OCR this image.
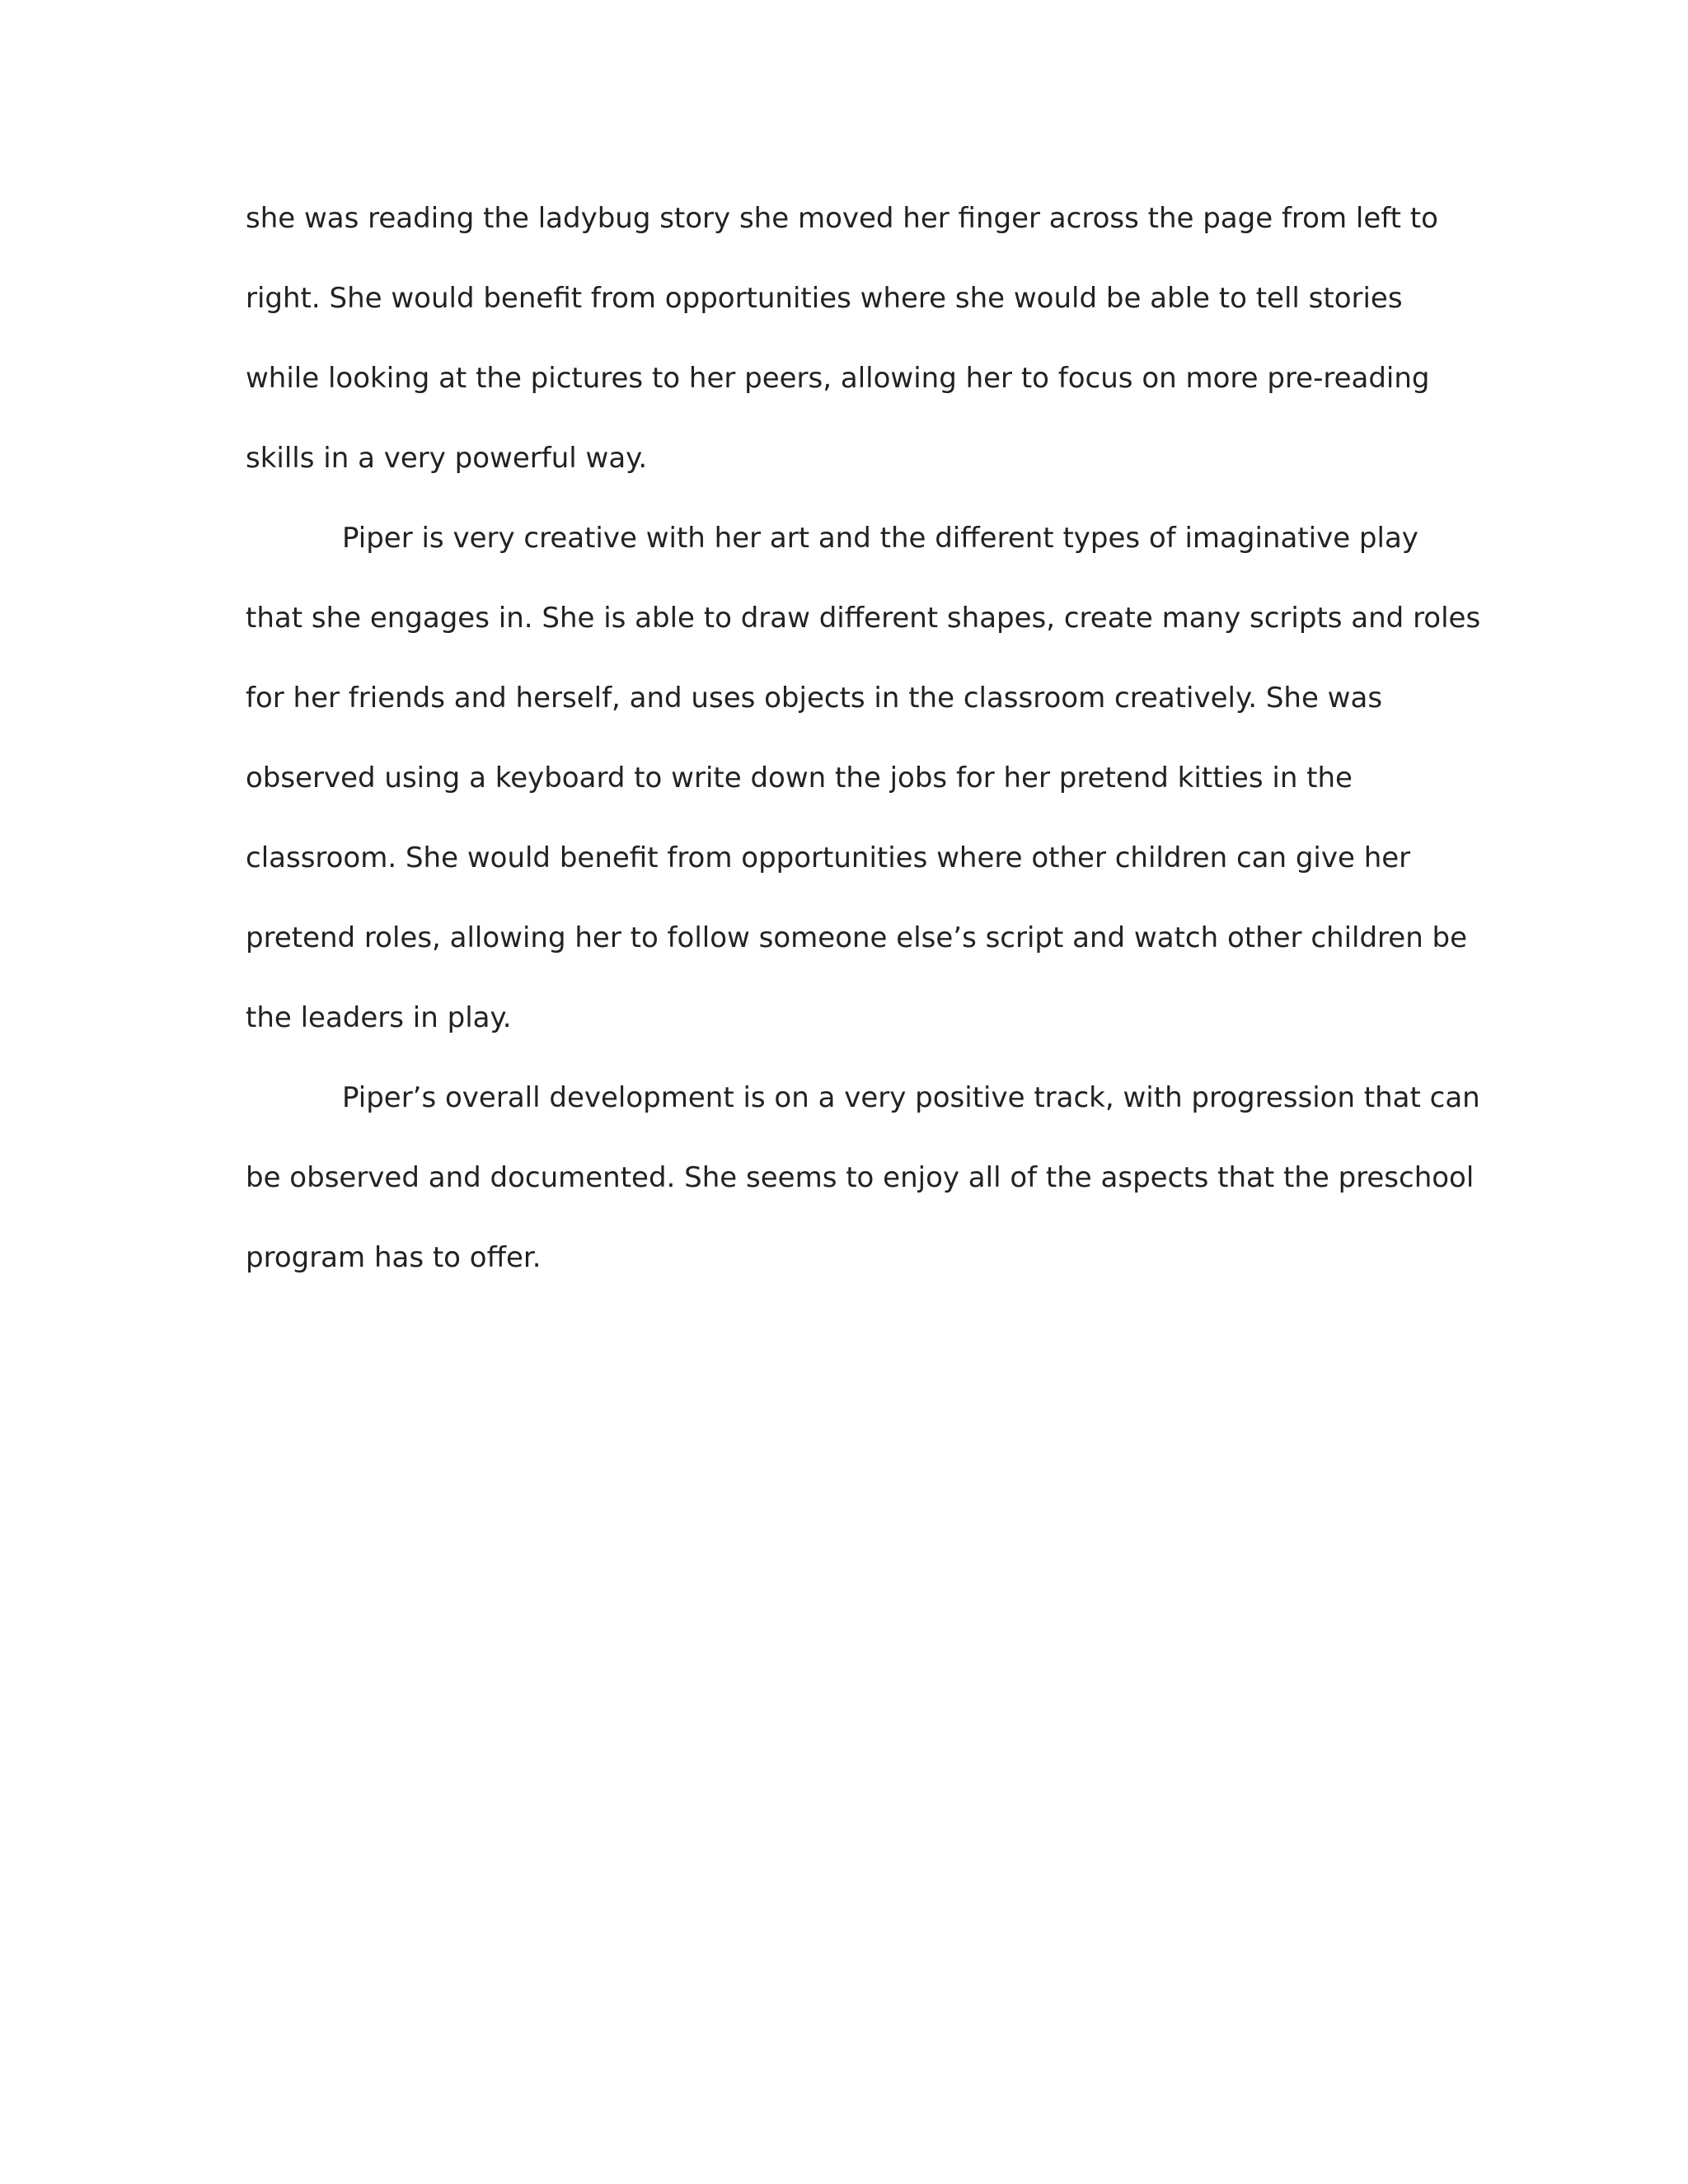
she was reading the ladybug story she moved her finger across the page from left to
right. She would benefit from opportunities where she would be able to tell stories
while looking at the pictures to her peers, allowing her to focus on more pre-reading
skills in a very powerful way.
Piper is very creative with her art and the different types of imaginative play
that she engages in. She is able to draw different shapes, create many scripts and roles
for her friends and herself, and uses objects in the classroom creatively. She was
observed using a keyboard to write down the jobs for her pretend kitties in the
classroom. She would benefit from opportunities where other children can give her
pretend roles, allowing her to follow someone else’s script and watch other children be
the leaders in play.
Piper’s overall development is on a very positive track, with progression that can
be observed and documented. She seems to enjoy all of the aspects that the preschool
program has to offer.
